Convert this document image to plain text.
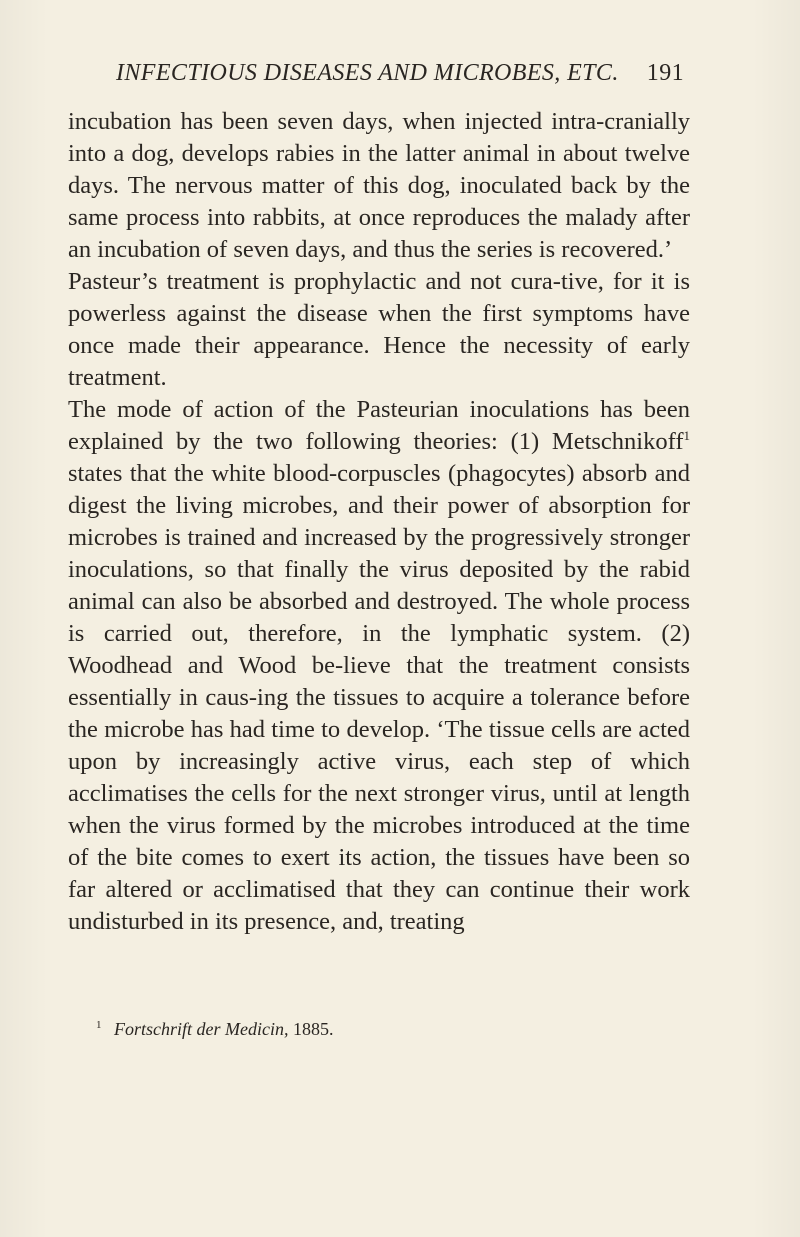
INFECTIOUS DISEASES AND MICROBES, ETC. 191

incubation has been seven days, when injected intra-cranially into a dog, develops rabies in the latter animal in about twelve days. The nervous matter of this dog, inoculated back by the same process into rabbits, at once reproduces the malady after an incubation of seven days, and thus the series is recovered.’

Pasteur’s treatment is prophylactic and not cura-tive, for it is powerless against the disease when the first symptoms have once made their appearance. Hence the necessity of early treatment.

The mode of action of the Pasteurian inoculations has been explained by the two following theories: (1) Metschnikoff$^1$ states that the white blood-corpuscles (phagocytes) absorb and digest the living microbes, and their power of absorption for microbes is trained and increased by the progressively stronger inoculations, so that finally the virus deposited by the rabid animal can also be absorbed and destroyed. The whole process is carried out, therefore, in the lymphatic system. (2) Woodhead and Wood be-lieve that the treatment consists essentially in caus-ing the tissues to acquire a tolerance before the microbe has had time to develop. ‘The tissue cells are acted upon by increasingly active virus, each step of which acclimatises the cells for the next stronger virus, until at length when the virus formed by the microbes introduced at the time of the bite comes to exert its action, the tissues have been so far altered or acclimatised that they can continue their work undisturbed in its presence, and, treating

$^1$ Fortschrift der Medicin, 1885.
